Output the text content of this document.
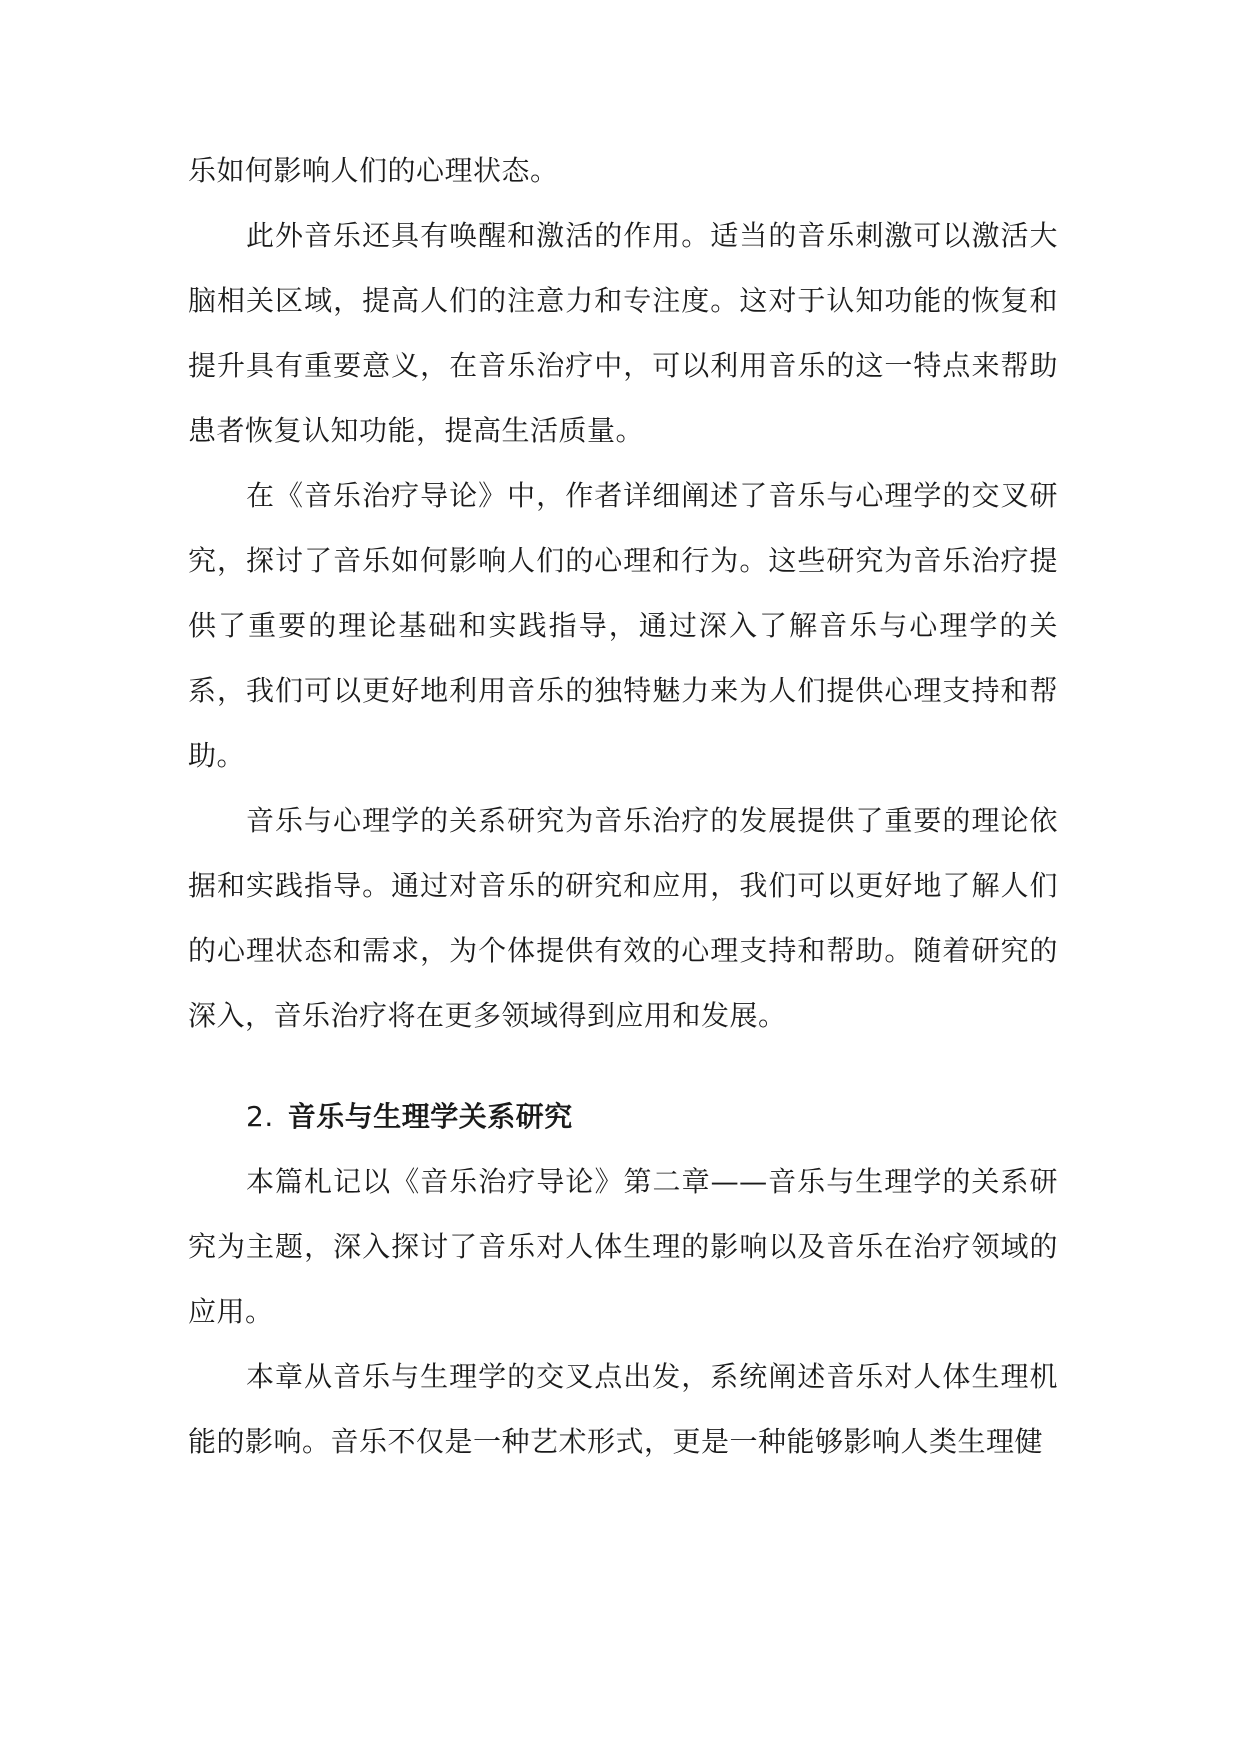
乐如何影响人们的心理状态。

此外音乐还具有唤醒和激活的作用。适当的音乐刺激可以激活大脑相关区域，提高人们的注意力和专注度。这对于认知功能的恢复和提升具有重要意义，在音乐治疗中，可以利用音乐的这一特点来帮助患者恢复认知功能，提高生活质量。

在《音乐治疗导论》中，作者详细阐述了音乐与心理学的交叉研究，探讨了音乐如何影响人们的心理和行为。这些研究为音乐治疗提供了重要的理论基础和实践指导，通过深入了解音乐与心理学的关系，我们可以更好地利用音乐的独特魅力来为人们提供心理支持和帮助。

音乐与心理学的关系研究为音乐治疗的发展提供了重要的理论依据和实践指导。通过对音乐的研究和应用，我们可以更好地了解人们的心理状态和需求，为个体提供有效的心理支持和帮助。随着研究的深入，音乐治疗将在更多领域得到应用和发展。

2. 音乐与生理学关系研究

本篇札记以《音乐治疗导论》第二章——音乐与生理学的关系研究为主题，深入探讨了音乐对人体生理的影响以及音乐在治疗领域的应用。

本章从音乐与生理学的交叉点出发，系统阐述音乐对人体生理机能的影响。音乐不仅是一种艺术形式，更是一种能够影响人类生理健
